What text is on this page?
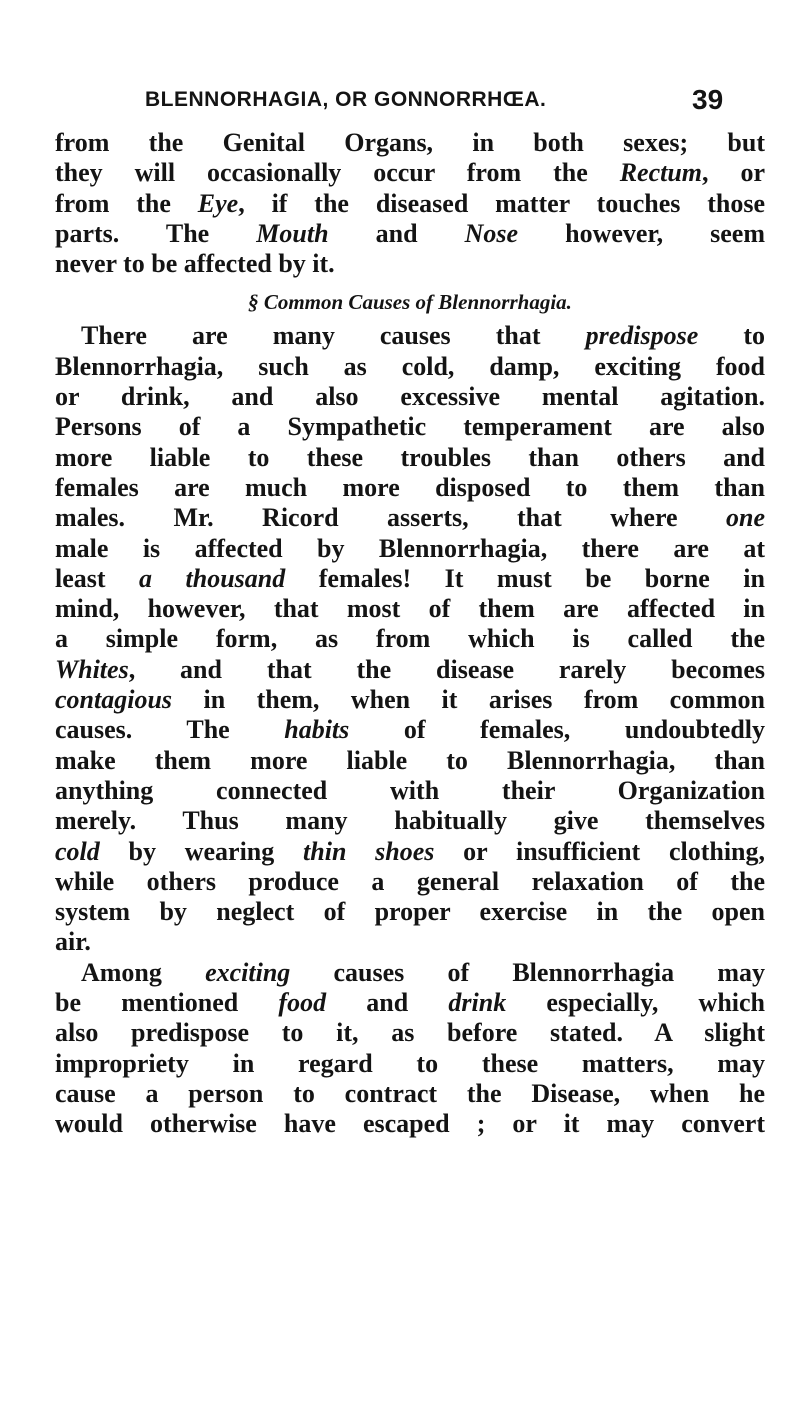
BLENNORHAGIA, OR GONNORRHŒA.	39
from the Genital Organs, in both sexes; but
they will occasionally occur from the Rectum, or
from the Eye, if the diseased matter touches those
parts. The Mouth and Nose however, seem
never to be affected by it.
§ Common Causes of Blennorrhagia.
There are many causes that predispose to
Blennorrhagia, such as cold, damp, exciting food
or drink, and also excessive mental agitation.
Persons of a Sympathetic temperament are also
more liable to these troubles than others and
females are much more disposed to them than
males. Mr. Ricord asserts, that where one
male is affected by Blennorrhagia, there are at
least a thousand females! It must be borne in
mind, however, that most of them are affected in
a simple form, as from which is called the
Whites, and that the disease rarely becomes
contagious in them, when it arises from common
causes. The habits of females, undoubtedly
make them more liable to Blennorrhagia, than
anything connected with their Organization
merely. Thus many habitually give themselves
cold by wearing thin shoes or insufficient clothing,
while others produce a general relaxation of the
system by neglect of proper exercise in the open
air.
Among exciting causes of Blennorrhagia may
be mentioned food and drink especially, which
also predispose to it, as before stated. A slight
impropriety in regard to these matters, may
cause a person to contract the Disease, when he
would otherwise have escaped ; or it may convert
